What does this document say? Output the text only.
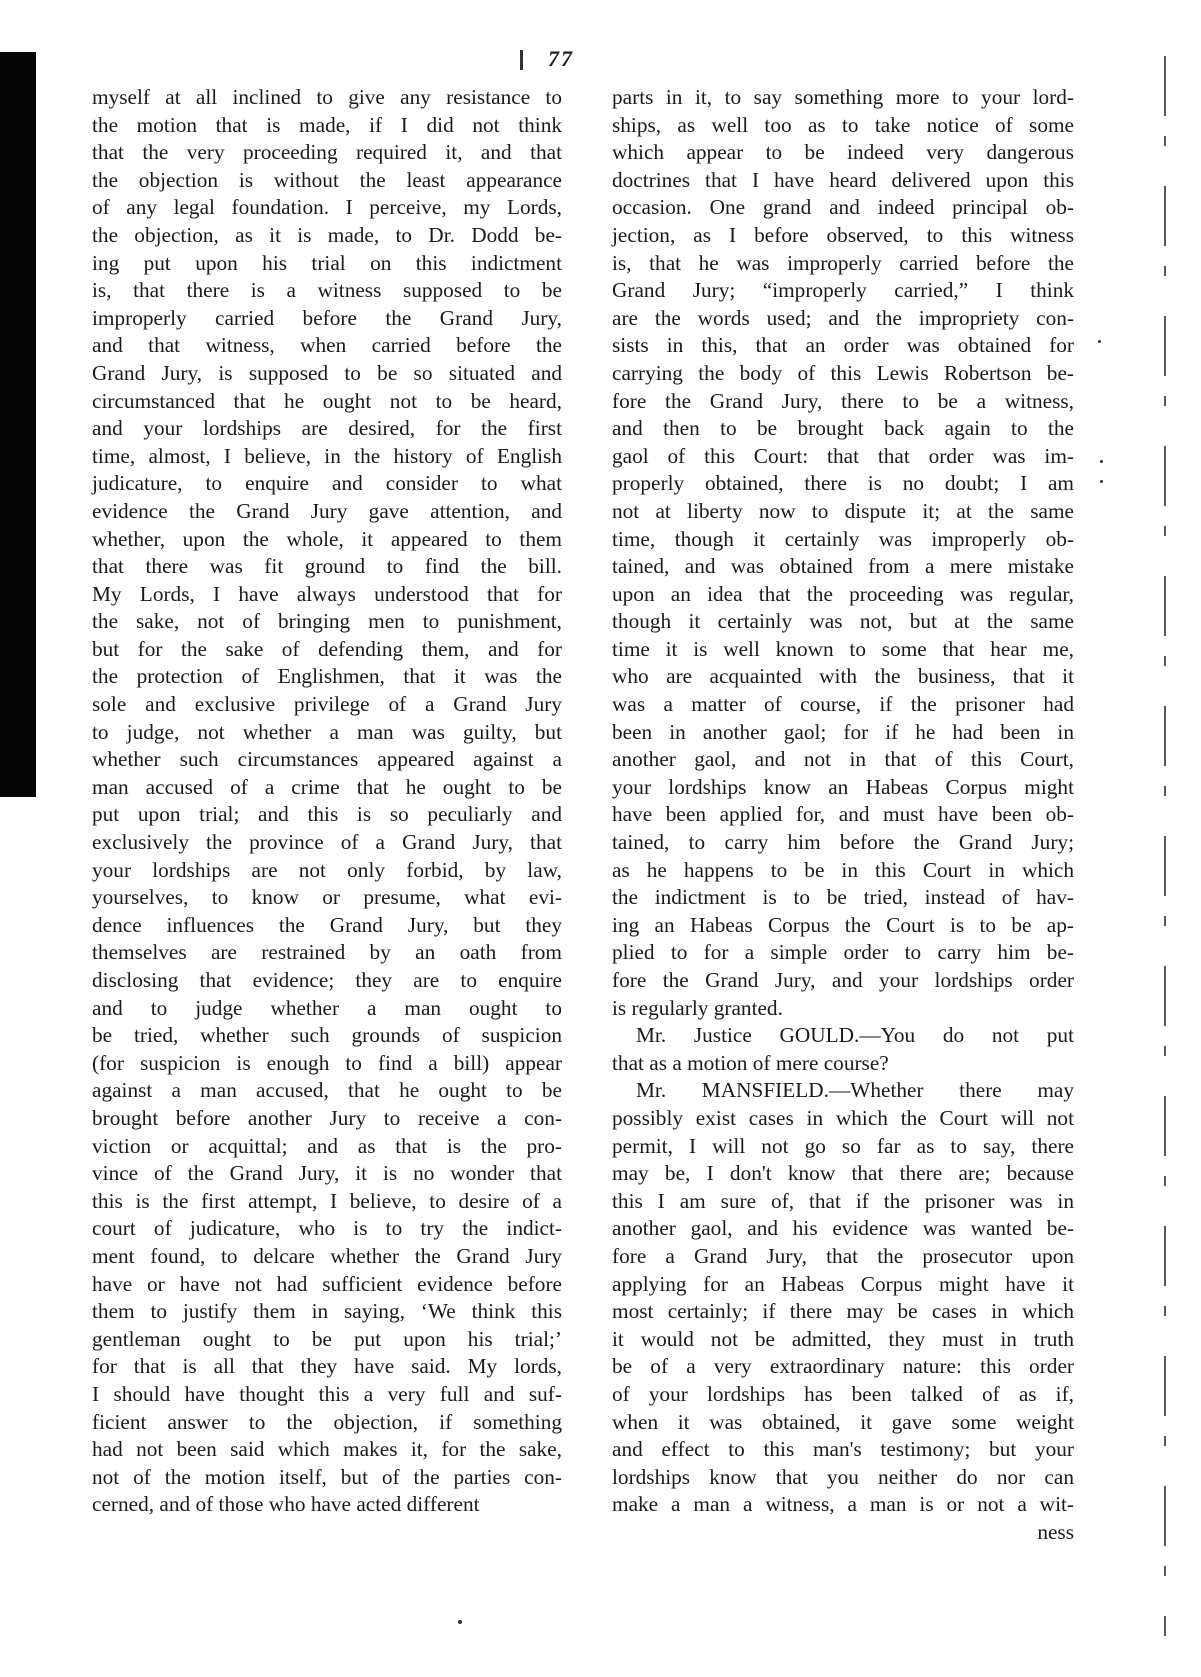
77
myself at all inclined to give any resistance to
the motion that is made, if I did not think
that the very proceeding required it, and that
the objection is without the least appearance
of any legal foundation. I perceive, my Lords,
the objection, as it is made, to Dr. Dodd be-
ing put upon his trial on this indictment
is, that there is a witness supposed to be
improperly carried before the Grand Jury,
and that witness, when carried before the
Grand Jury, is supposed to be so situated and
circumstanced that he ought not to be heard,
and your lordships are desired, for the first
time, almost, I believe, in the history of English
judicature, to enquire and consider to what
evidence the Grand Jury gave attention, and
whether, upon the whole, it appeared to them
that there was fit ground to find the bill.
My Lords, I have always understood that for
the sake, not of bringing men to punishment,
but for the sake of defending them, and for
the protection of Englishmen, that it was the
sole and exclusive privilege of a Grand Jury
to judge, not whether a man was guilty, but
whether such circumstances appeared against a
man accused of a crime that he ought to be
put upon trial; and this is so peculiarly and
exclusively the province of a Grand Jury, that
your lordships are not only forbid, by law,
yourselves, to know or presume, what evi-
dence influences the Grand Jury, but they
themselves are restrained by an oath from
disclosing that evidence; they are to enquire
and to judge whether a man ought to
be tried, whether such grounds of suspicion
(for suspicion is enough to find a bill) appear
against a man accused, that he ought to be
brought before another Jury to receive a con-
viction or acquittal; and as that is the pro-
vince of the Grand Jury, it is no wonder that
this is the first attempt, I believe, to desire of a
court of judicature, who is to try the indict-
ment found, to delcare whether the Grand Jury
have or have not had sufficient evidence before
them to justify them in saying, ‘We think this
gentleman ought to be put upon his trial;’
for that is all that they have said. My lords,
I should have thought this a very full and suf-
ficient answer to the objection, if something
had not been said which makes it, for the sake,
not of the motion itself, but of the parties con-
cerned, and of those who have acted different
parts in it, to say something more to your lord-
ships, as well too as to take notice of some
which appear to be indeed very dangerous
doctrines that I have heard delivered upon this
occasion. One grand and indeed principal ob-
jection, as I before observed, to this witness
is, that he was improperly carried before the
Grand Jury; “improperly carried,” I think
are the words used; and the impropriety con-
sists in this, that an order was obtained for
carrying the body of this Lewis Robertson be-
fore the Grand Jury, there to be a witness,
and then to be brought back again to the
gaol of this Court: that that order was im-
properly obtained, there is no doubt; I am
not at liberty now to dispute it; at the same
time, though it certainly was improperly ob-
tained, and was obtained from a mere mistake
upon an idea that the proceeding was regular,
though it certainly was not, but at the same
time it is well known to some that hear me,
who are acquainted with the business, that it
was a matter of course, if the prisoner had
been in another gaol; for if he had been in
another gaol, and not in that of this Court,
your lordships know an Habeas Corpus might
have been applied for, and must have been ob-
tained, to carry him before the Grand Jury;
as he happens to be in this Court in which
the indictment is to be tried, instead of hav-
ing an Habeas Corpus the Court is to be ap-
plied to for a simple order to carry him be-
fore the Grand Jury, and your lordships order
is regularly granted.
Mr. Justice GOULD.—You do not put
that as a motion of mere course?
Mr. MANSFIELD.—Whether there may
possibly exist cases in which the Court will not
permit, I will not go so far as to say, there
may be, I don't know that there are; because
this I am sure of, that if the prisoner was in
another gaol, and his evidence was wanted be-
fore a Grand Jury, that the prosecutor upon
applying for an Habeas Corpus might have it
most certainly; if there may be cases in which
it would not be admitted, they must in truth
be of a very extraordinary nature: this order
of your lordships has been talked of as if,
when it was obtained, it gave some weight
and effect to this man's testimony; but your
lordships know that you neither do nor can
make a man a witness, a man is or not a wit-
ness
